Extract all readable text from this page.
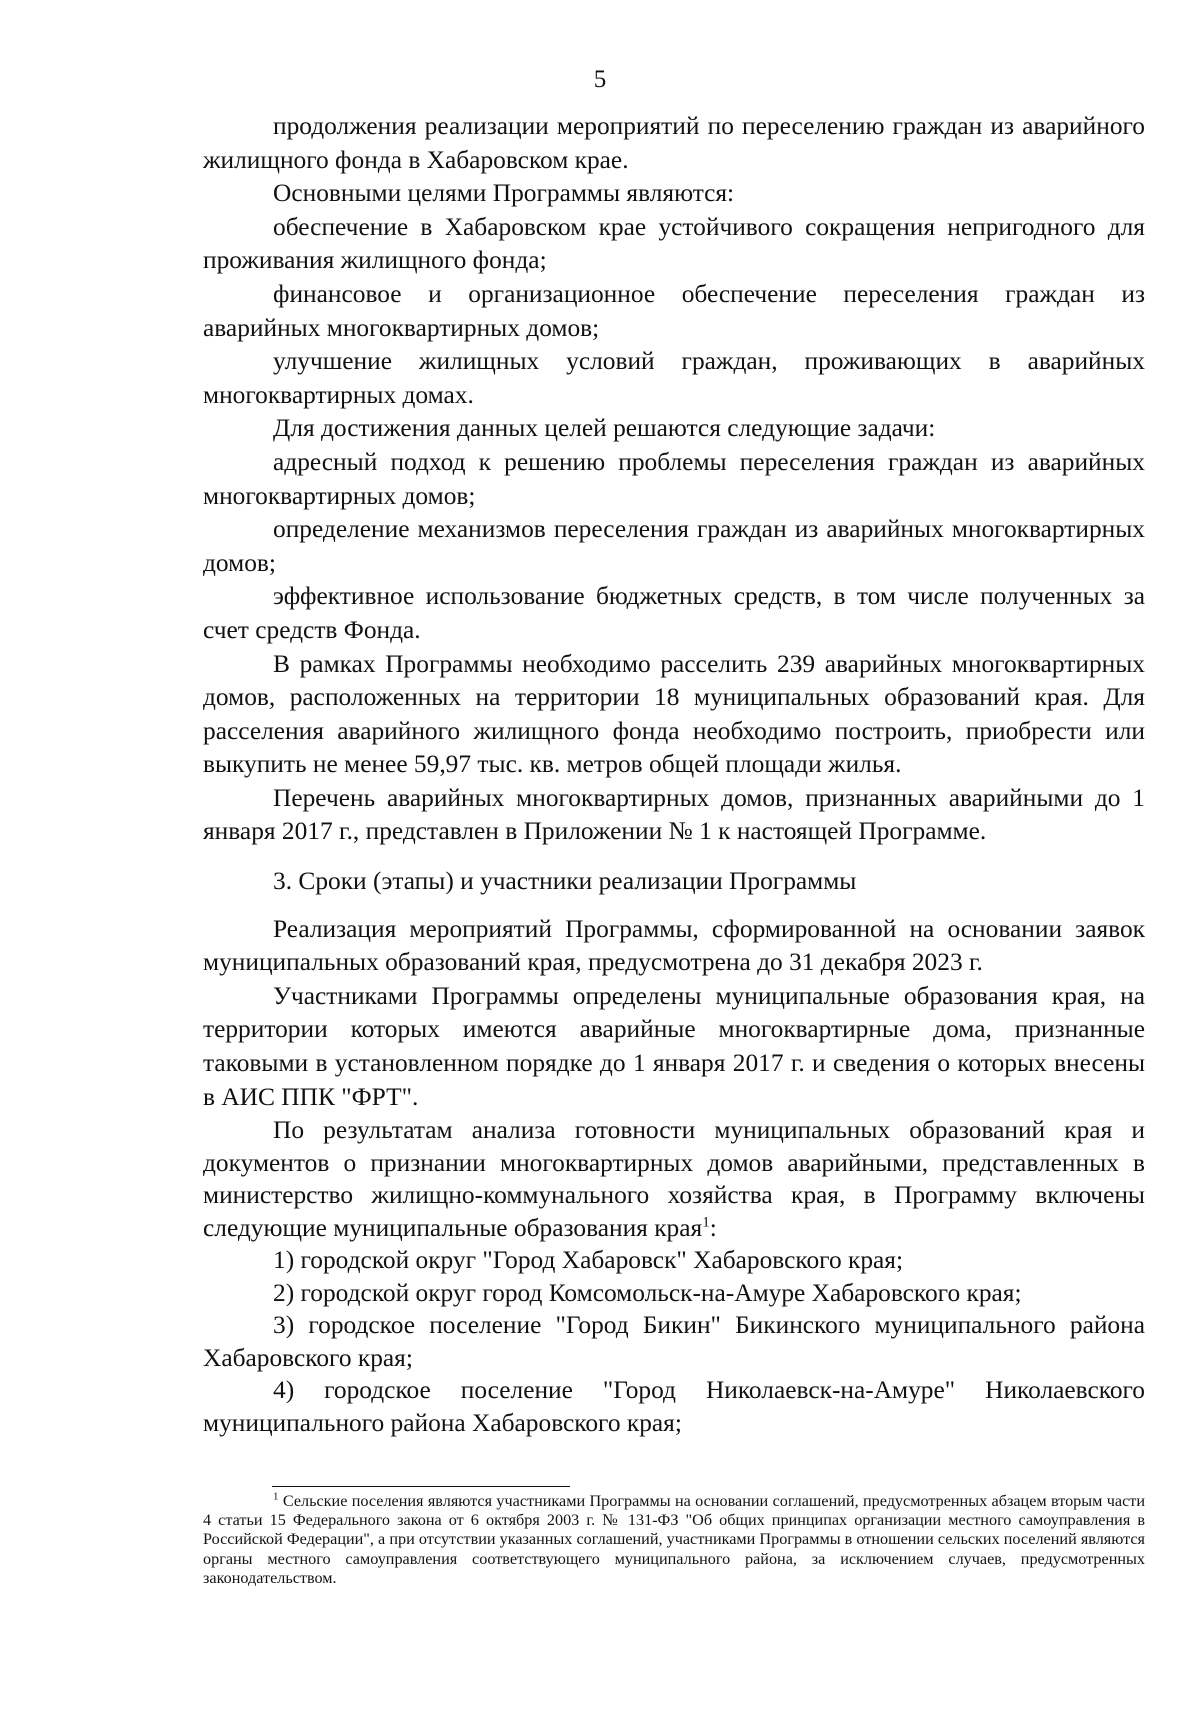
5

продолжения реализации мероприятий по переселению граждан из аварийного жилищного фонда в Хабаровском крае.

Основными целями Программы являются:

обеспечение в Хабаровском крае устойчивого сокращения непригодного для проживания жилищного фонда;

финансовое и организационное обеспечение переселения граждан из аварийных многоквартирных домов;

улучшение жилищных условий граждан, проживающих в аварийных многоквартирных домах.

Для достижения данных целей решаются следующие задачи:

адресный подход к решению проблемы переселения граждан из аварийных многоквартирных домов;

определение механизмов переселения граждан из аварийных многоквартирных домов;

эффективное использование бюджетных средств, в том числе полученных за счет средств Фонда.

В рамках Программы необходимо расселить 239 аварийных многоквартирных домов, расположенных на территории 18 муниципальных образований края. Для расселения аварийного жилищного фонда необходимо построить, приобрести или выкупить не менее 59,97 тыс. кв. метров общей площади жилья.

Перечень аварийных многоквартирных домов, признанных аварийными до 1 января 2017 г., представлен в Приложении № 1 к настоящей Программе.

3. Сроки (этапы) и участники реализации Программы

Реализация мероприятий Программы, сформированной на основании заявок муниципальных образований края, предусмотрена до 31 декабря 2023 г.

Участниками Программы определены муниципальные образования края, на территории которых имеются аварийные многоквартирные дома, признанные таковыми в установленном порядке до 1 января 2017 г. и сведения о которых внесены в АИС ППК "ФРТ".

По результатам анализа готовности муниципальных образований края и документов о признании многоквартирных домов аварийными, представленных в министерство жилищно-коммунального хозяйства края, в Программу включены следующие муниципальные образования края$^1$:

1) городской округ "Город Хабаровск" Хабаровского края;

2) городской округ город Комсомольск-на-Амуре Хабаровского края;

3) городское поселение "Город Бикин" Бикинского муниципального района Хабаровского края;

4) городское поселение "Город Николаевск-на-Амуре" Николаевского муниципального района Хабаровского края;

$^1$ Сельские поселения являются участниками Программы на основании соглашений, предусмотренных абзацем вторым части 4 статьи 15 Федерального закона от 6 октября 2003 г. № 131-ФЗ "Об общих принципах организации местного самоуправления в Российской Федерации", а при отсутствии указанных соглашений, участниками Программы в отношении сельских поселений являются органы местного самоуправления соответствующего муниципального района, за исключением случаев, предусмотренных законодательством.
